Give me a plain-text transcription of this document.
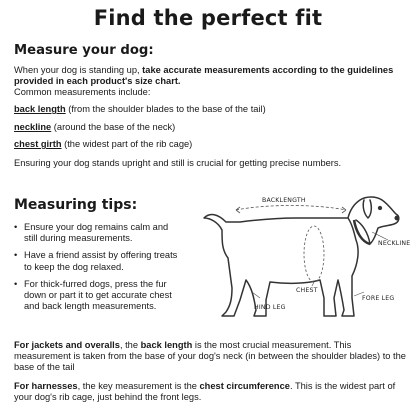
Find the perfect fit
Measure your dog:
When your dog is standing up, take accurate measurements according to the guidelines provided in each product's size chart.
Common measurements include:
back length (from the shoulder blades to the base of the tail)
neckline (around the base of the neck)
chest girth (the widest part of the rib cage)
Ensuring your dog stands upright and still is crucial for getting precise numbers.
Measuring tips:
• Ensure your dog remains calm and still during measurements.
• Have a friend assist by offering treats to keep the dog relaxed.
• For thick-furred dogs, press the fur down or part it to get accurate chest and back length measurements.
BACKLENGTH
NECKLINE
CHEST
FORE LEG
HIND LEG
For jackets and overalls, the back length is the most crucial measurement. This measurement is taken from the base of your dog's neck (in between the shoulder blades) to the base of the tail
For harnesses, the key measurement is the chest circumference. This is the widest part of your dog's rib cage, just behind the front legs.
